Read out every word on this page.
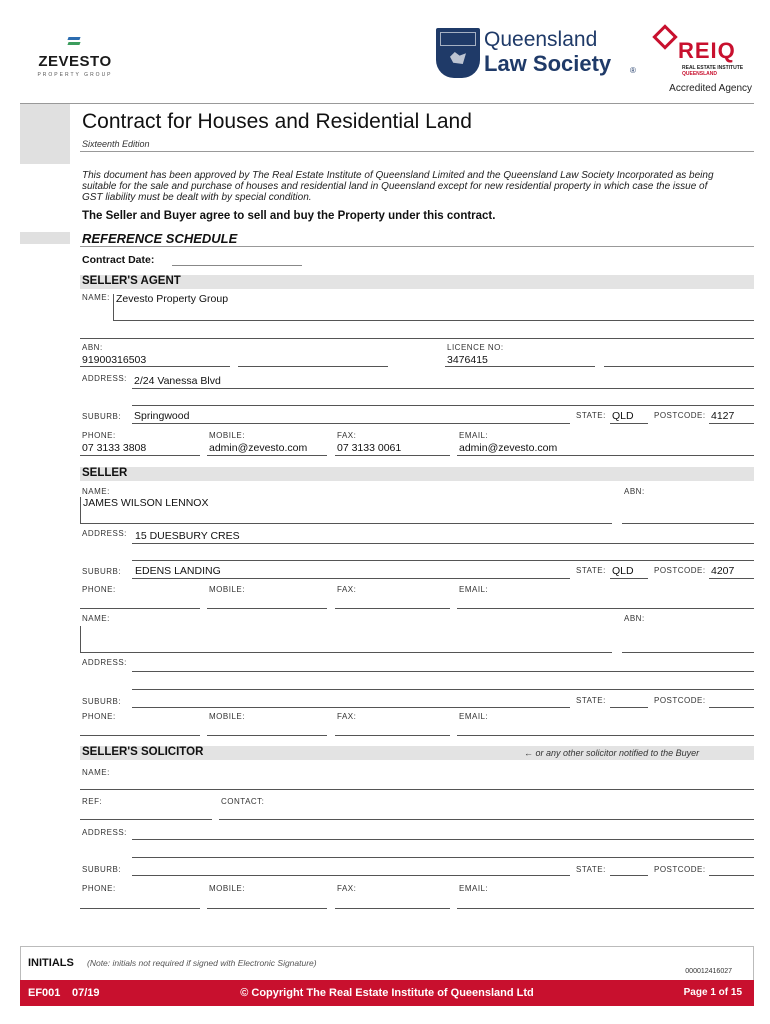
ZEVESTO
PROPERTY GROUP
Queensland
Law Society ®
REIQ
REAL ESTATE INSTITUTE
QUEENSLAND
Accredited Agency
Contract for Houses and Residential Land
Sixteenth Edition
This document has been approved by The Real Estate Institute of Queensland Limited and the Queensland Law Society Incorporated as being suitable for the sale and purchase of houses and residential land in Queensland except for new residential property in which case the issue of GST liability must be dealt with by special condition.
The Seller and Buyer agree to sell and buy the Property under this contract.
REFERENCE SCHEDULE
Contract Date:
SELLER'S AGENT
NAME: Zevesto Property Group
ABN:	LICENCE NO:
91900316503	3476415
ADDRESS: 2/24 Vanessa Blvd
SUBURB: Springwood	STATE: QLD	POSTCODE: 4127
PHONE:	MOBILE:	FAX:	EMAIL:
07 3133 3808	admin@zevesto.com	07 3133 0061	admin@zevesto.com
SELLER
NAME:	ABN:
JAMES WILSON LENNOX
ADDRESS: 15 DUESBURY CRES
SUBURB: EDENS LANDING	STATE: QLD	POSTCODE: 4207
PHONE:	MOBILE:	FAX:	EMAIL:
NAME:	ABN:
ADDRESS:
SUBURB:	STATE:	POSTCODE:
PHONE:	MOBILE:	FAX:	EMAIL:
SELLER'S SOLICITOR	← or any other solicitor notified to the Buyer
NAME:
REF:	CONTACT:
ADDRESS:
SUBURB:	STATE:	POSTCODE:
PHONE:	MOBILE:	FAX:	EMAIL:
INITIALS (Note: initials not required if signed with Electronic Signature)
000012416027
EF001 07/19	© Copyright The Real Estate Institute of Queensland Ltd	Page 1 of 15
